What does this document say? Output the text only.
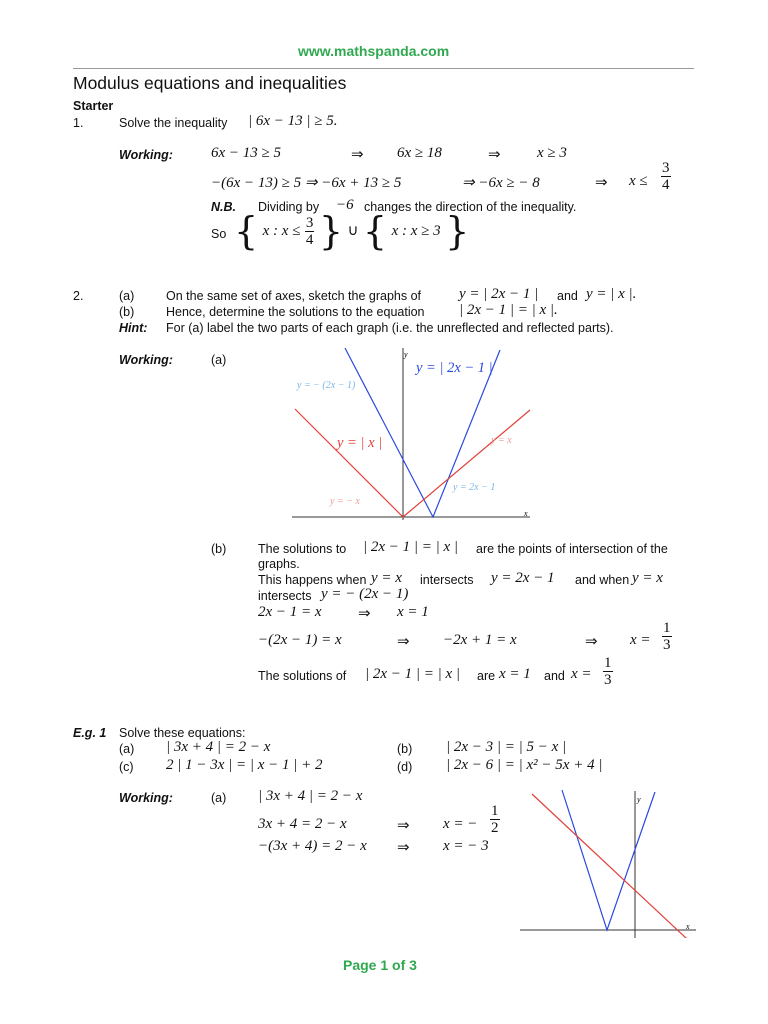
www.mathspanda.com
Modulus equations and inequalities
Starter
1.	Solve the inequality | 6x − 13 | ≥ 5.
Working:	6x − 13 ≥ 5	⇒ 6x ≥ 18	⇒ x ≥ 3
−(6x − 13) ≥ 5 ⇒ −6x + 13 ≥ 5	⇒ −6x ≥ − 8	⇒ $x \le \frac{3}{4}$
N.B. Dividing by −6 changes the direction of the inequality.
So { x : $x \le \frac{3}{4}$ } ∪ { x : x ≥ 3 }
2.	(a)	On the same set of axes, sketch the graphs of	y = | 2x − 1 | and y = | x |.
(b)	Hence, determine the solutions to the equation | 2x − 1 | = | x |.
Hint: For (a) label the two parts of each graph (i.e. the unreflected and reflected parts).
Working:	(a)	y
x
y = | 2x − 1 |
y = − (2x − 1)
y = 2x − 1
y = | x |	y = x
y = − x
(b)	The solutions to | 2x − 1 | = | x | are the points of intersection of the
graphs.
This happens when y = x intersects y = 2x − 1 and when y = x
intersects y = − (2x − 1)
2x − 1 = x ⇒ x = 1
−(2x − 1) = x	⇒ −2x + 1 = x	⇒ $x = \frac{1}{3}$
The solutions of | 2x − 1 | = | x | are x = 1 and $x = \frac{1}{3}$
E.g. 1 Solve these equations:
(a) | 3x + 4 | = 2 − x	(b) | 2x − 3 | = | 5 − x |
(c) 2 | 1 − 3x | = | x − 1 | + 2	(d) | 2x − 6 | = | x² − 5x + 4 |
Working:	(a) | 3x + 4 | = 2 − x
3x + 4 = 2 − x	⇒ x = − $\frac{1}{2}$
−(3x + 4) = 2 − x ⇒ x = − 3
y
x
Page 1 of 3
